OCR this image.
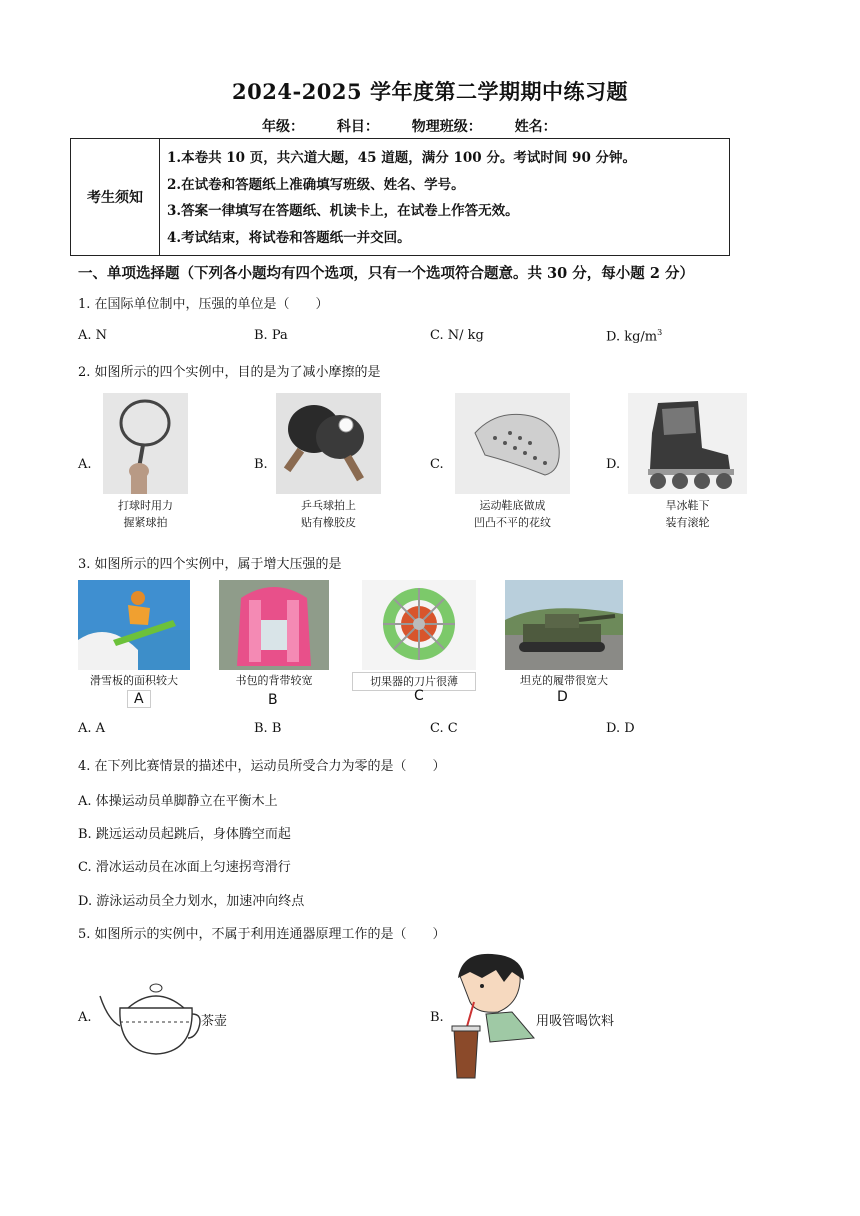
2024-2025 学年度第二学期期中练习题
年级： 科目： 物理班级： 姓名：
考生须知
1.本卷共 10 页，共六道大题，45 道题，满分 100 分。考试时间 90 分钟。
2.在试卷和答题纸上准确填写班级、姓名、学号。
3.答案一律填写在答题纸、机读卡上，在试卷上作答无效。
4.考试结束，将试卷和答题纸一并交回。
一、单项选择题（下列各小题均有四个选项，只有一个选项符合题意。共 30 分，每小题 2 分）
1. 在国际单位制中，压强的单位是（　　）
A. N	B. Pa	C. N/ kg	D. $kg/m^3$
2. 如图所示的四个实例中，目的是为了减小摩擦的是
A.
打球时用力
握紧球拍
B.
乒乓球拍上
贴有橡胶皮
C.
运动鞋底做成
凹凸不平的花纹
D.
旱冰鞋下
装有滚轮
3. 如图所示的四个实例中，属于增大压强的是
滑雪板的面积较大
A
书包的背带较宽
B
切果器的刀片很薄
C
坦克的履带很宽大
D
A. A	B. B	C. C	D. D
4. 在下列比赛情景的描述中，运动员所受合力为零的是（　　）
A. 体操运动员单脚静立在平衡木上
B. 跳远运动员起跳后，身体腾空而起
C. 滑冰运动员在冰面上匀速拐弯滑行
D. 游泳运动员全力划水，加速冲向终点
5. 如图所示的实例中，不属于利用连通器原理工作的是（　　）
A.	茶壶	B.	用吸管喝饮料
